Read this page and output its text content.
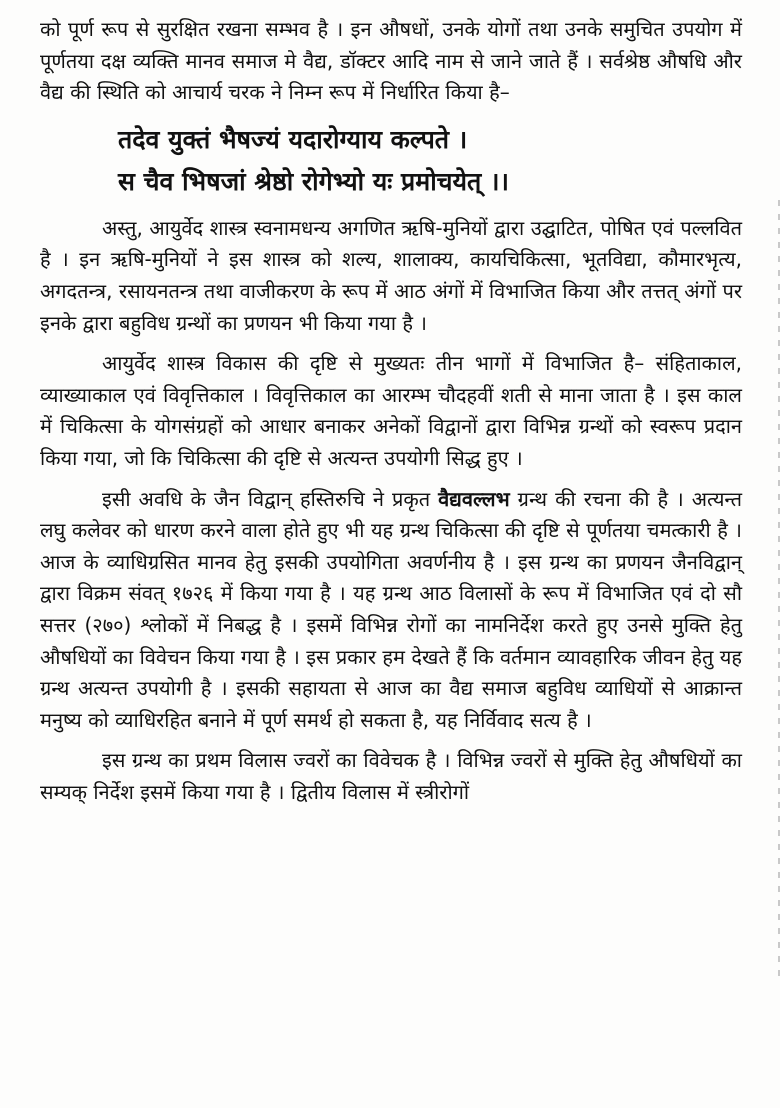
को पूर्ण रूप से सुरक्षित रखना सम्भव है । इन औषधों, उनके योगों तथा उनके समुचित उपयोग में पूर्णतया दक्ष व्यक्ति मानव समाज मे वैद्य, डॉक्टर आदि नाम से जाने जाते हैं । सर्वश्रेष्ठ औषधि और वैद्य की स्थिति को आचार्य चरक ने निम्न रूप में निर्धारित किया है–

तदेव युक्तं भैषज्यं यदारोग्याय कल्पते ।
स चैव भिषजां श्रेष्ठो रोगेभ्यो यः प्रमोचयेत् ।।

अस्तु, आयुर्वेद शास्त्र स्वनामधन्य अगणित ऋषि-मुनियों द्वारा उद्घाटित, पोषित एवं पल्लवित है । इन ऋषि-मुनियों ने इस शास्त्र को शल्य, शालाक्य, कायचिकित्सा, भूतविद्या, कौमारभृत्य, अगदतन्त्र, रसायनतन्त्र तथा वाजीकरण के रूप में आठ अंगों में विभाजित किया और तत्तत् अंगों पर इनके द्वारा बहुविध ग्रन्थों का प्रणयन भी किया गया है ।

आयुर्वेद शास्त्र विकास की दृष्टि से मुख्यतः तीन भागों में विभाजित है– संहिताकाल, व्याख्याकाल एवं विवृत्तिकाल । विवृत्तिकाल का आरम्भ चौदहवीं शती से माना जाता है । इस काल में चिकित्सा के योगसंग्रहों को आधार बनाकर अनेकों विद्वानों द्वारा विभिन्न ग्रन्थों को स्वरूप प्रदान किया गया, जो कि चिकित्सा की दृष्टि से अत्यन्त उपयोगी सिद्ध हुए ।

इसी अवधि के जैन विद्वान् हस्तिरुचि ने प्रकृत वैद्यवल्लभ ग्रन्थ की रचना की है । अत्यन्त लघु कलेवर को धारण करने वाला होते हुए भी यह ग्रन्थ चिकित्सा की दृष्टि से पूर्णतया चमत्कारी है । आज के व्याधिग्रसित मानव हेतु इसकी उपयोगिता अवर्णनीय है । इस ग्रन्थ का प्रणयन जैनविद्वान् द्वारा विक्रम संवत् १७२६ में किया गया है । यह ग्रन्थ आठ विलासों के रूप में विभाजित एवं दो सौ सत्तर (२७०) श्लोकों में निबद्ध है । इसमें विभिन्न रोगों का नामनिर्देश करते हुए उनसे मुक्ति हेतु औषधियों का विवेचन किया गया है । इस प्रकार हम देखते हैं कि वर्तमान व्यावहारिक जीवन हेतु यह ग्रन्थ अत्यन्त उपयोगी है । इसकी सहायता से आज का वैद्य समाज बहुविध व्याधियों से आक्रान्त मनुष्य को व्याधिरहित बनाने में पूर्ण समर्थ हो सकता है, यह निर्विवाद सत्य है ।

इस ग्रन्थ का प्रथम विलास ज्वरों का विवेचक है । विभिन्न ज्वरों से मुक्ति हेतु औषधियों का सम्यक् निर्देश इसमें किया गया है । द्वितीय विलास में स्त्रीरोगों
